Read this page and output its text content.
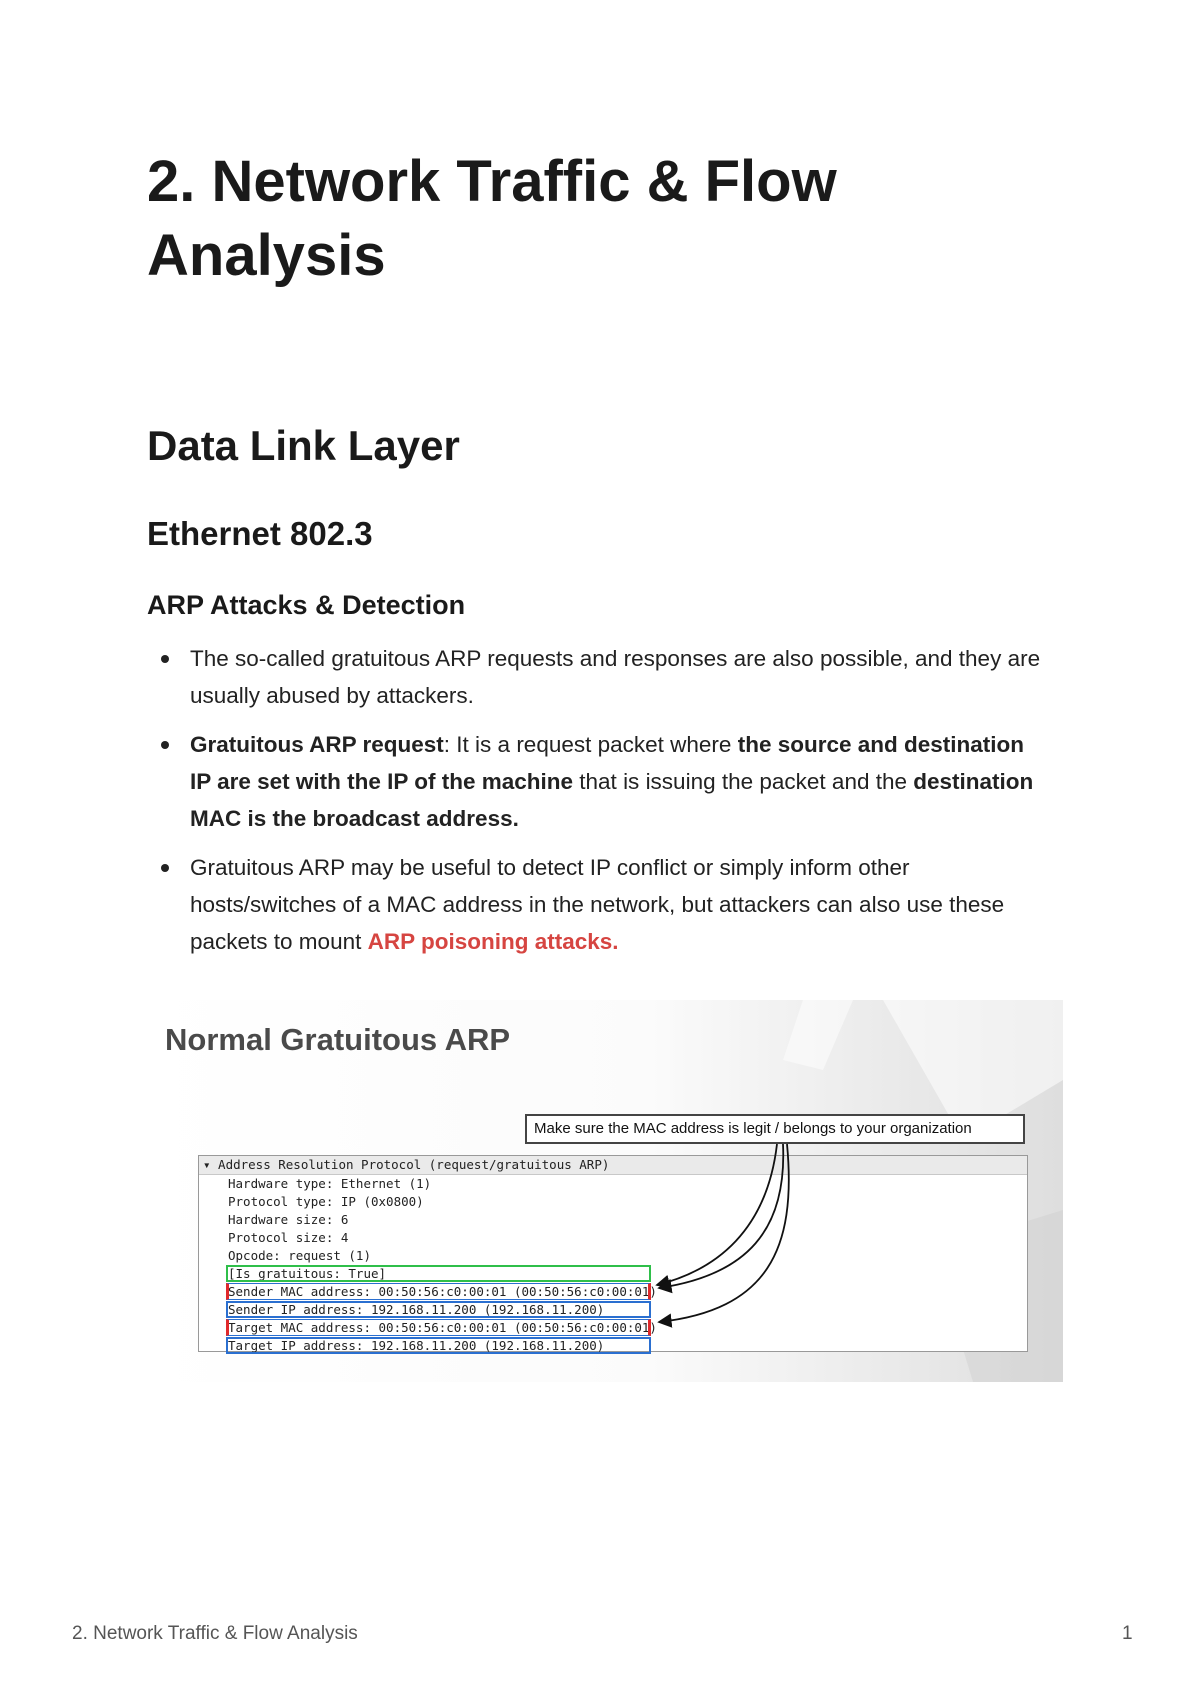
2. Network Traffic & Flow Analysis
Data Link Layer
Ethernet 802.3
ARP Attacks & Detection
The so-called gratuitous ARP requests and responses are also possible, and they are usually abused by attackers.
Gratuitous ARP request: It is a request packet where the source and destination IP are set with the IP of the machine that is issuing the packet and the destination MAC is the broadcast address.
Gratuitous ARP may be useful to detect IP conflict or simply inform other hosts/switches of a MAC address in the network, but attackers can also use these packets to mount ARP poisoning attacks.
Normal Gratuitous ARP
Make sure the MAC address is legit / belongs to your organization
▾ Address Resolution Protocol (request/gratuitous ARP)
Hardware type: Ethernet (1)
Protocol type: IP (0x0800)
Hardware size: 6
Protocol size: 4
Opcode: request (1)
[Is gratuitous: True]
Sender MAC address: 00:50:56:c0:00:01 (00:50:56:c0:00:01)
Sender IP address: 192.168.11.200 (192.168.11.200)
Target MAC address: 00:50:56:c0:00:01 (00:50:56:c0:00:01)
Target IP address: 192.168.11.200 (192.168.11.200)
2. Network Traffic & Flow Analysis	1
